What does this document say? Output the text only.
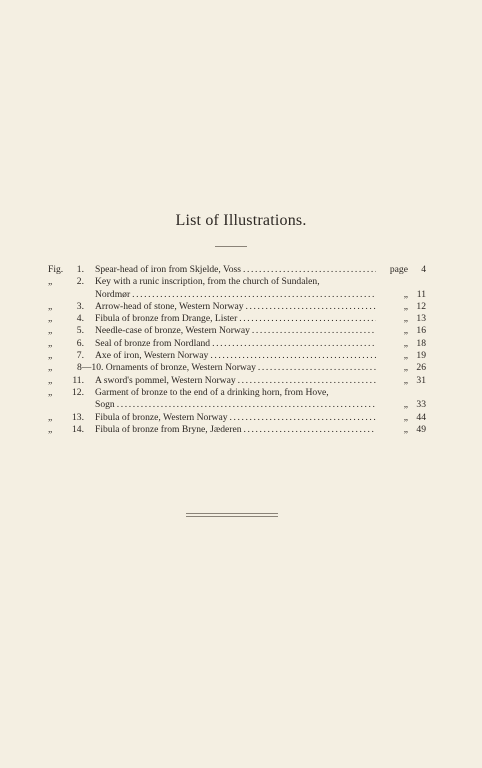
List of Illustrations.
Fig.	1. Spear-head of iron from Skjelde, Voss . . .	page	4
„	2. Key with a runic inscription, from the church of Sundalen,
Nordmør . . .	„ 11
„	3. Arrow-head of stone, Western Norway . . .	„ 12
„	4. Fibula of bronze from Drange, Lister . . .	„ 13
„	5. Needle-case of bronze, Western Norway . . .	„ 16
„	6. Seal of bronze from Nordland . . .	„ 18
„	7. Axe of iron, Western Norway . . .	„ 19
„	8—10. Ornaments of bronze, Western Norway . . .	„ 26
„	11. A sword's pommel, Western Norway . . .	„ 31
„	12. Garment of bronze to the end of a drinking horn, from Hove,
Sogn . . .	„ 33
„	13. Fibula of bronze, Western Norway . . .	„ 44
„	14. Fibula of bronze from Bryne, Jæderen . . .	„ 49
